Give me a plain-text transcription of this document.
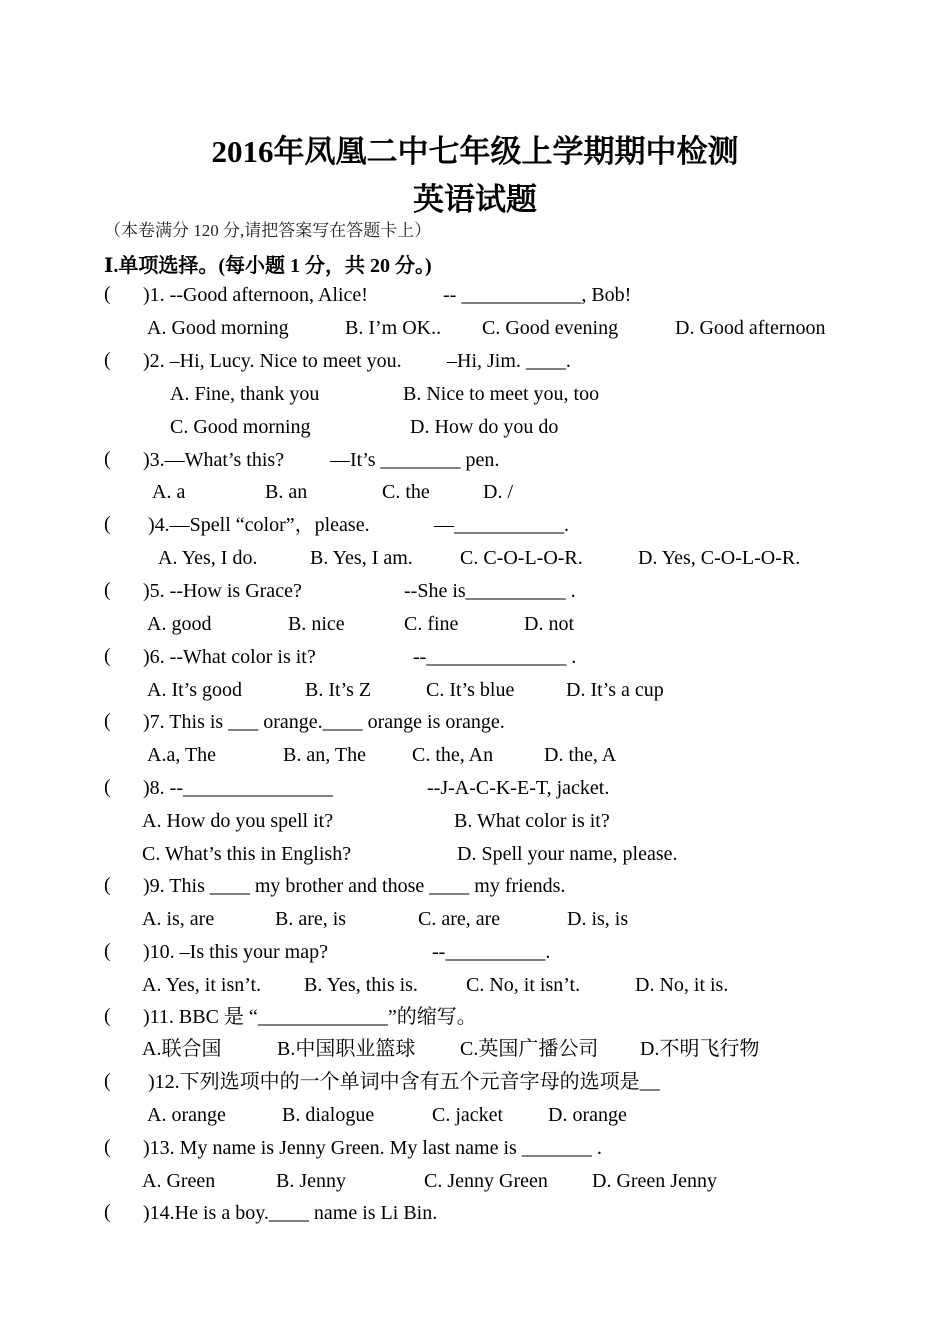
2016年凤凰二中七年级上学期期中检测
英语试题
（本卷满分 120 分,请把答案写在答题卡上）
Ⅰ.单项选择。(每小题 1 分，共 20 分。)
( )1. --Good afternoon, Alice!	-- ____________, Bob!
A. Good morning	B. I’m OK.. C. Good evening	D. Good afternoon
( )2. –Hi, Lucy. Nice to meet you. –Hi, Jim. ____.
A. Fine, thank you	B. Nice to meet you, too
C. Good morning	D. How do you do
( )3.—What’s this? —It’s ________ pen.
A. a	B. an	C. the	D. /
( )4.—Spell “color”，please.	—___________.
A. Yes, I do.	B. Yes, I am. C. C-O-L-O-R.	D. Yes, C-O-L-O-R.
( )5. --How is Grace?	--She is__________ .
A. good	B. nice	C. fine	D. not
( )6. --What color is it?	--______________ .
A. It’s good	B. It’s Z	C. It’s blue	D. It’s a cup
( )7. This is ___ orange.____ orange is orange.
A.a, The	B. an, The C. the, An	D. the, A
( )8. --_______________	--J-A-C-K-E-T, jacket.
A. How do you spell it?	B. What color is it?
C. What’s this in English?	D. Spell your name, please.
( )9. This ____ my brother and those ____ my friends.
A. is, are	B. are, is	C. are, are	D. is, is
( )10. –Is this your map?	--__________.
A. Yes, it isn’t. B. Yes, this is. C. No, it isn’t.	D. No, it is.
( )11. BBC 是 “_____________”的缩写。
A.联合国	B.中国职业篮球 C.英国广播公司 D.不明飞行物
( )12.下列选项中的一个单词中含有五个元音字母的选项是__
A. orange	B. dialogue	C. jacket D. orange
( )13. My name is Jenny Green. My last name is _______ .
A. Green	B. Jenny	C. Jenny Green D. Green Jenny
( )14.He is a boy.____ name is Li Bin.
